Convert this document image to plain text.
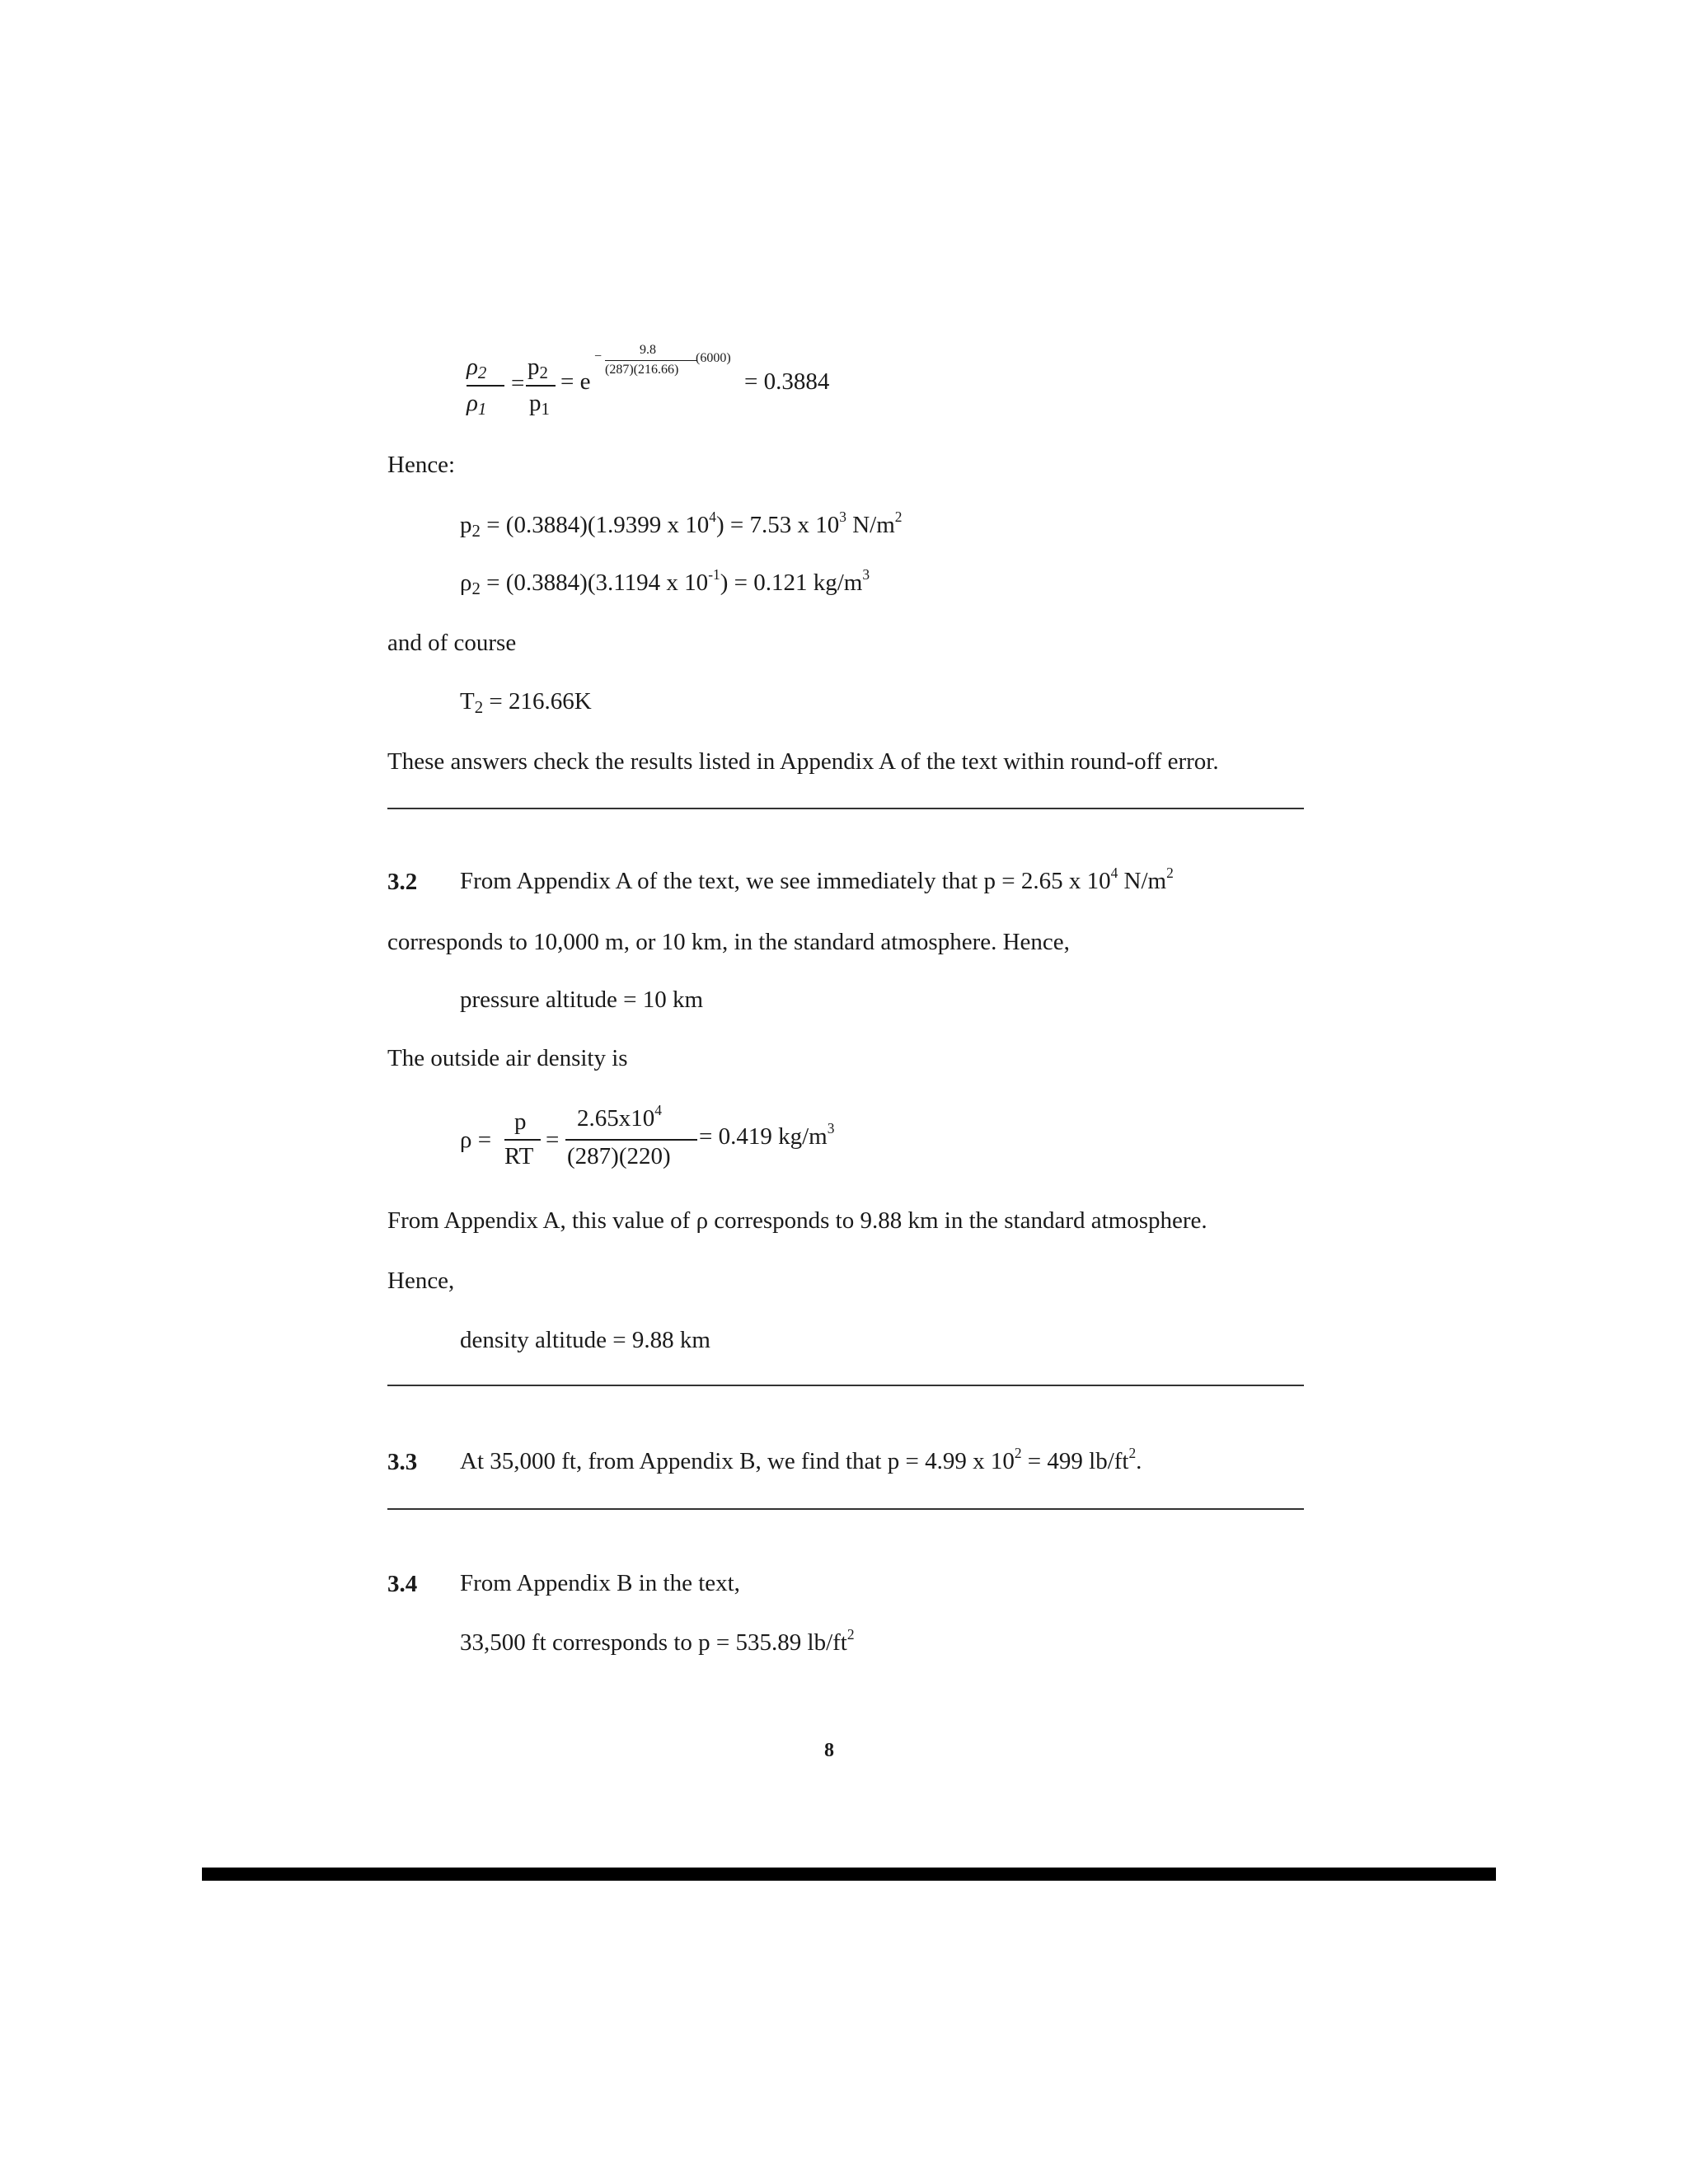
$\rho_2$
$\rho_1$
=
$p_2$
$p_1$
= e
−	9.8
(287)(216.66)
(6000)
= 0.3884
Hence:
$p_2 = (0.3884)(1.9399$ x $10^4) = 7.53$ x $10^3$ $N/m^2$
$\rho_2 = (0.3884)(3.1194$ x $10^{-1}) = 0.121$ $kg/m^3$
and of course
$T_2 = 216.66K$
These answers check the results listed in Appendix A of the text within round-off error.
3.2 From Appendix A of the text, we see immediately that p = 2.65 x $10^4$ $N/m^2$
corresponds to 10,000 m, or 10 km, in the standard atmosphere. Hence,
pressure altitude = 10 km
The outside air density is
ρ =
p
RT
=
$2.65x10^4$
(287)(220)
= 0.419 $kg/m^3$
From Appendix A, this value of ρ corresponds to 9.88 km in the standard atmosphere.
Hence,
density altitude = 9.88 km
3.3 At 35,000 ft, from Appendix B, we find that p = 4.99 x $10^2 = 499$ $lb/ft^2$.
3.4 From Appendix B in the text,
33,500 ft corresponds to p = 535.89 $lb/ft^2$
8
